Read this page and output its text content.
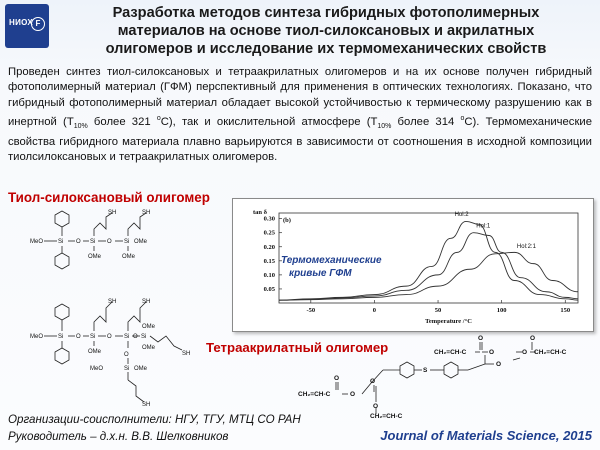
НИОХ F
Разработка методов синтеза гибридных фотополимерных
материалов на основе тиол-силоксановых и акрилатных
олигомеров и исследование их термомеханических свойств

Проведен синтез тиол-силоксановых и тетраакрилатных олигомеров и на их основе получен гибридный фотополимерный материал (ГФМ) перспективный для применения в оптических технологиях. Показано, что гибридный фотополимерный материал обладает высокой устойчивостью к термическому разрушению как в инертной ($T_{10\%}$ более 321 $^o$C), так и окислительной атмосфере ($T_{10\%}$ более 314 $^o$C). Термомеханические свойства гибридного материала плавно варьируются в зависимости от соотношения в исходной композиции тиолсилоксановых и тетраакрилатных олигомеров.

Тиол-силоксановый олигомер
MeO Si O Si O Si OMe
OMe	OMe
SH	SH
MeO Si O Si O Si O Si
OMe
OMe
OMe	O
MeO	Si OMe
SH	SH
SH
SH
-50	0	50	100	150
0.05
0.10
0.15
0.20
0.25
0.30 (b)
tan δ
Temperature /°C
Hol:2
Hol:1
Hol:2:1
Термомеханические
кривые ГФМ
Тетраакрилатный олигомер	CH₂=CH-C
O
O	O CH₂=CH-C
O
O
S
CH₂=CH-C
O
O
O
CH₂=CH-C
O
Организации-соисполнители: НГУ, ТГУ, МТЦ СО РАН
Руководитель – д.х.н. В.В. Шелковников	Journal of Materials Science, 2015
